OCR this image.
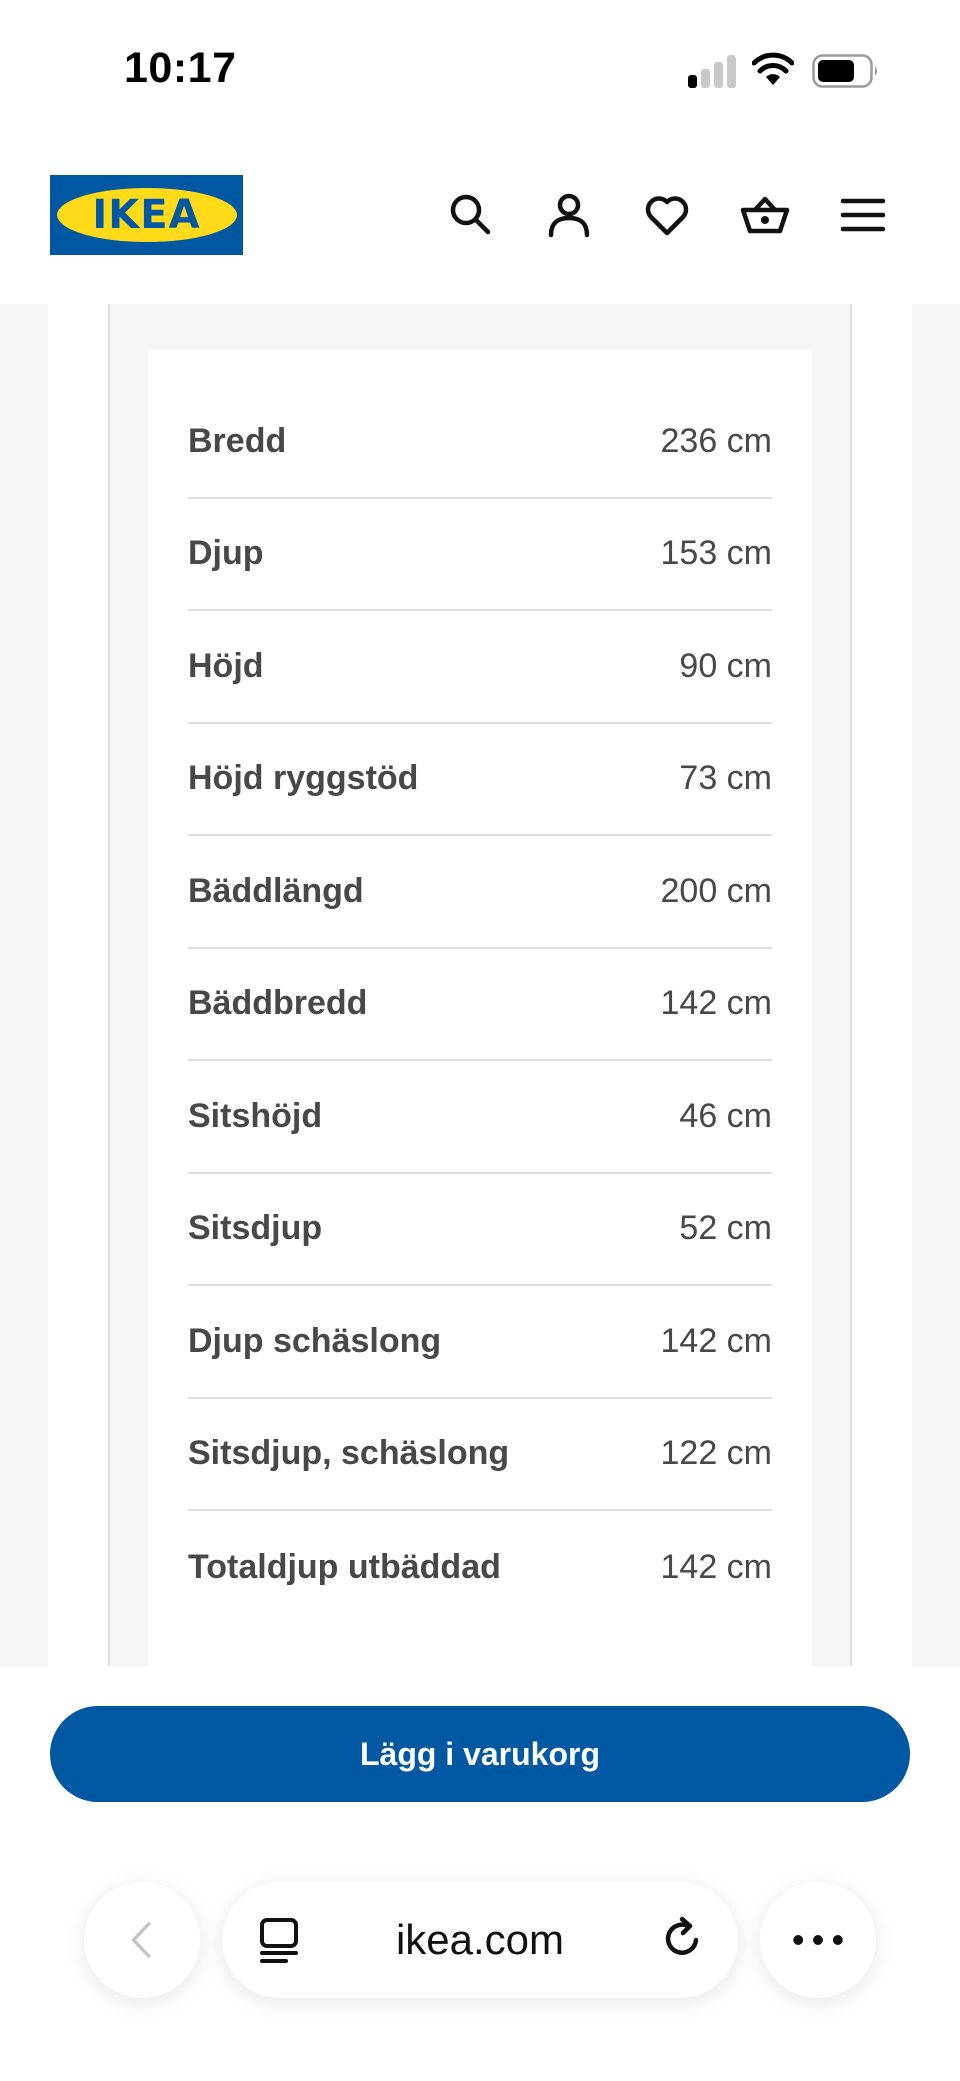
10:17
IKEA
Bredd	236 cm
Djup	153 cm
Höjd	90 cm
Höjd ryggstöd	73 cm
Bäddlängd	200 cm
Bäddbredd	142 cm
Sitshöjd	46 cm
Sitsdjup	52 cm
Djup schäslong	142 cm
Sitsdjup, schäslong	122 cm
Totaldjup utbäddad	142 cm
Lägg i varukorg
ikea.com
